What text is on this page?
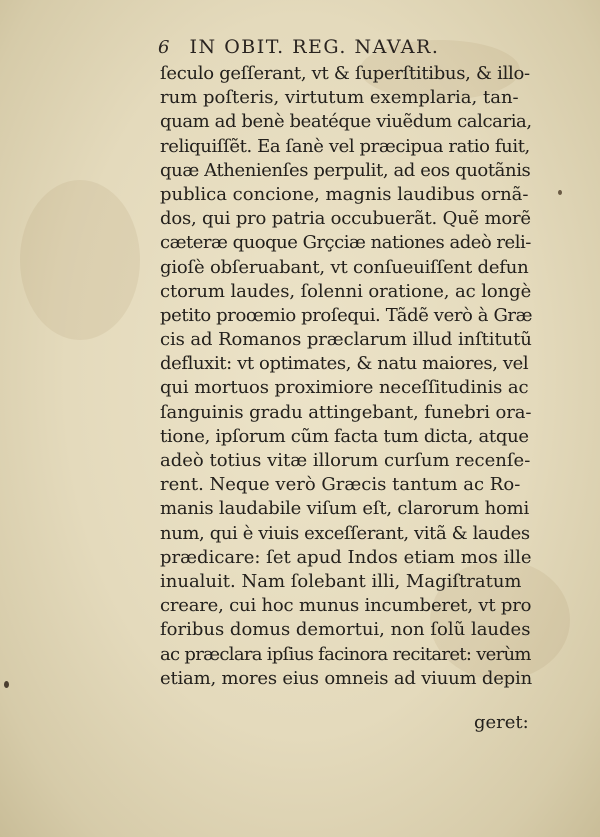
6 IN OBIT. REG. NAVAR.
ſeculo geſſerant, vt & ſuperſtitibus, & illo-
rum poſteris, virtutum exemplaria, tan-
quam ad benè beatéque viuẽdum calcaria,
reliquiſſẽt. Ea ſanè vel præcipua ratio fuit,
quæ Athenienſes perpulit, ad eos quotãnis
publica concione, magnis laudibus ornã-
dos, qui pro patria occubuerãt. Quẽ morẽ
cæteræ quoque Grçciæ nationes adeò reli-
gioſè obſeruabant, vt conſueuiſſent defun
ctorum laudes, ſolenni oratione, ac longè
petito proœmio proſequi. Tãdẽ verò à Græ
cis ad Romanos præclarum illud inſtitutũ
defluxit: vt optimates, & natu maiores, vel
qui mortuos proximiore neceſſitudinis ac
ſanguinis gradu attingebant, funebri ora-
tione, ipſorum cũm facta tum dicta, atque
adeò totius vitæ illorum curſum recenſe-
rent. Neque verò Græcis tantum ac Ro-
manis laudabile viſum eſt, clarorum homi
num, qui è viuis exceſſerant, vitã & laudes
prædicare: ſet apud Indos etiam mos ille
inualuit. Nam ſolebant illi, Magiſtratum
creare, cui hoc munus incumberet, vt pro
foribus domus demortui, non ſolũ laudes
ac præclara ipſius facinora recitaret: verùm
etiam, mores eius omneis ad viuum depin
geret:
